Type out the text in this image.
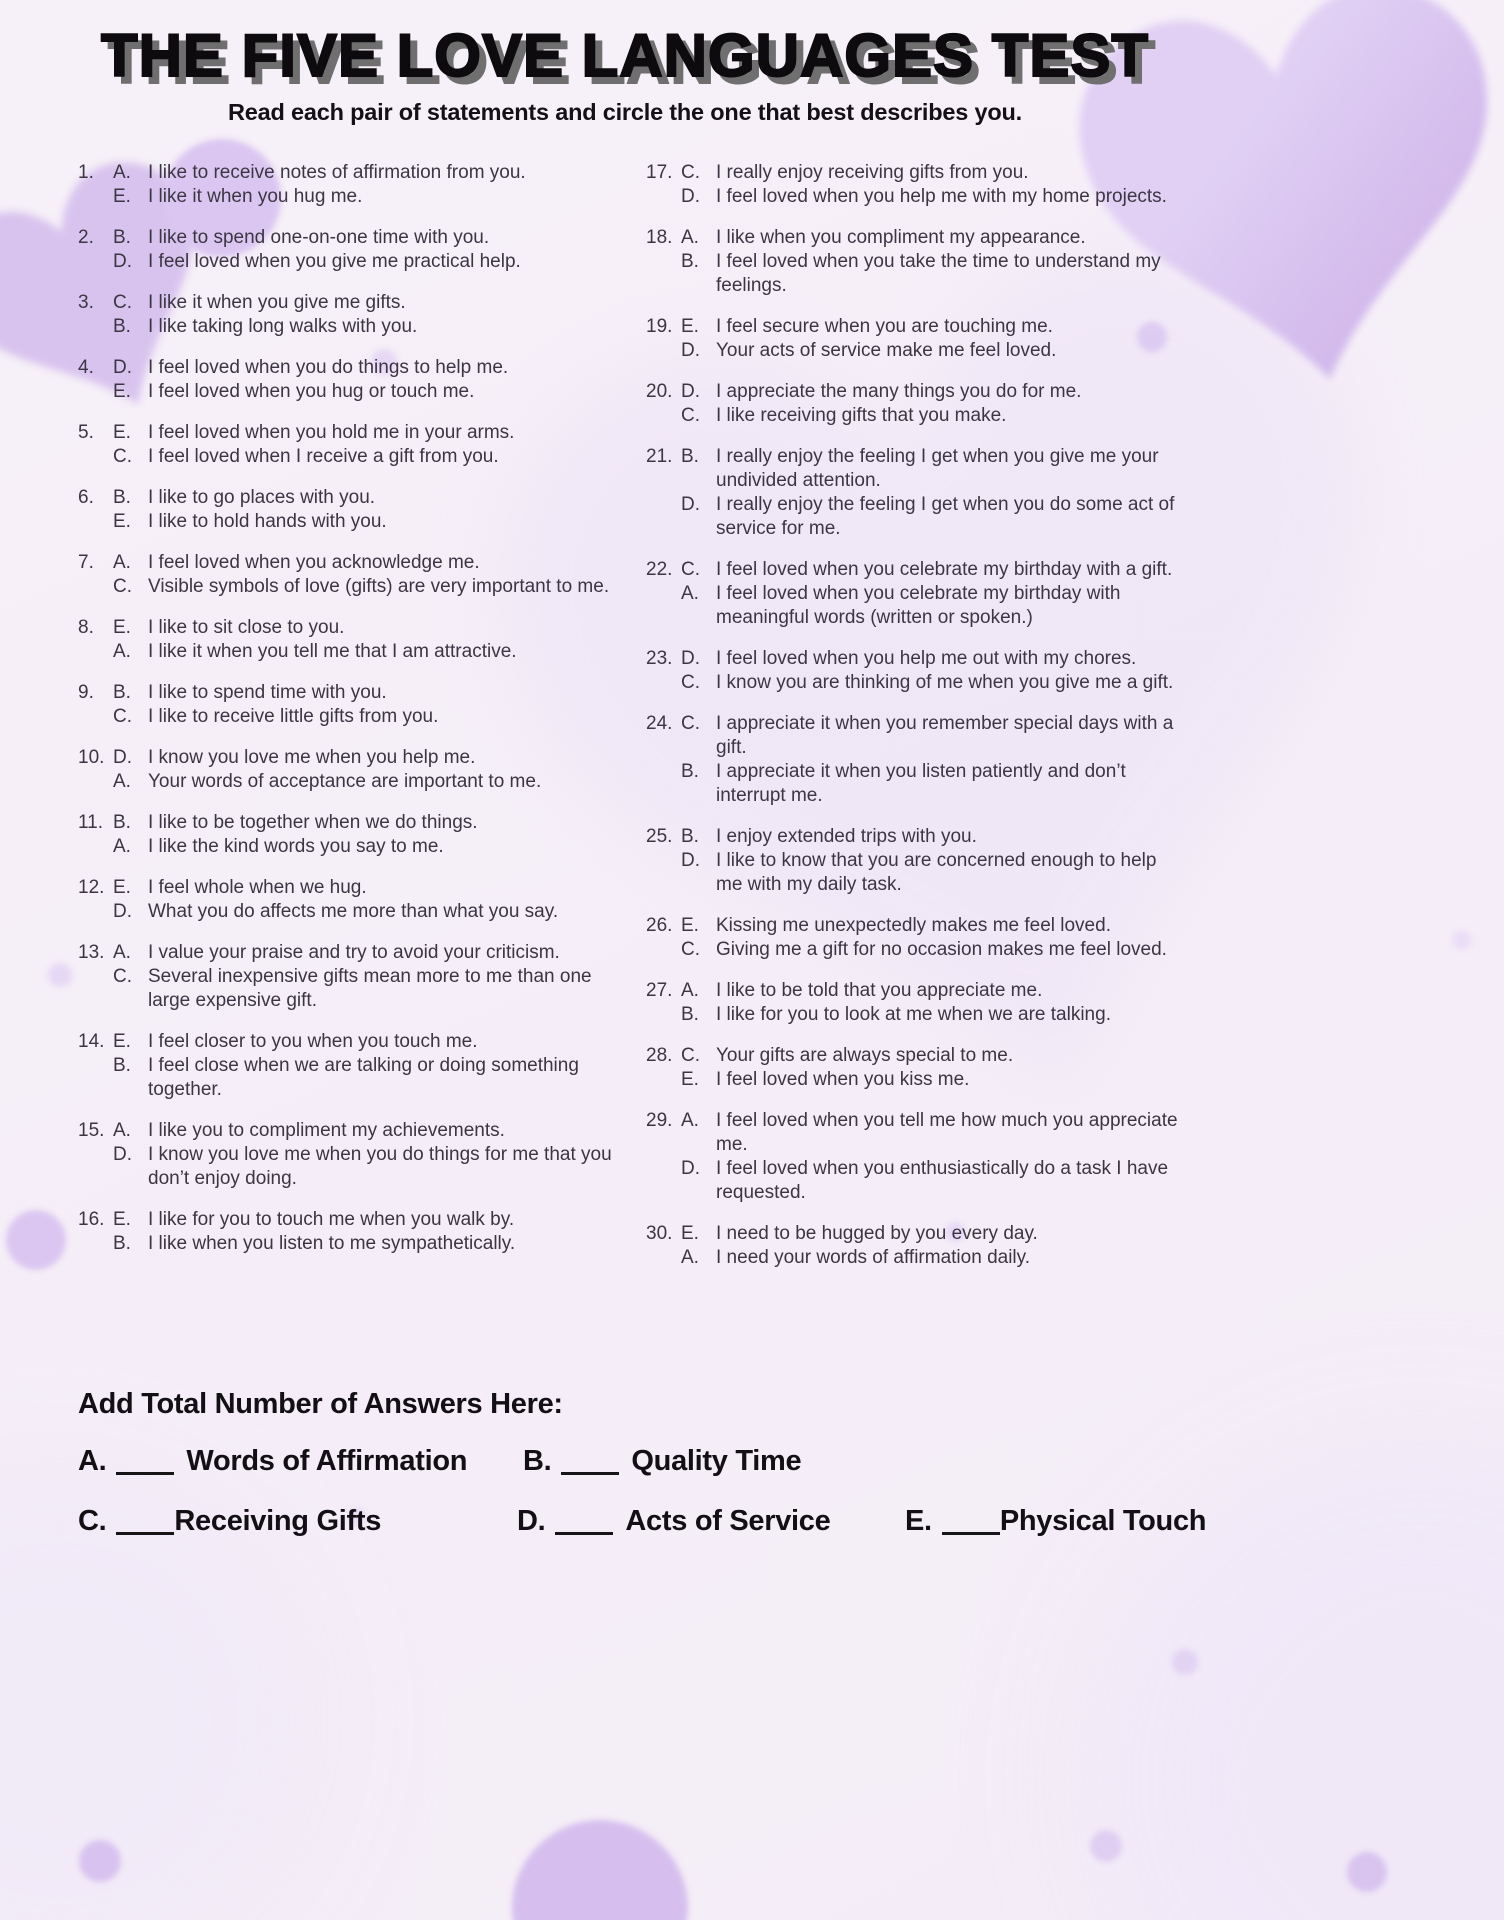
THE FIVE LOVE LANGUAGES TEST THE FIVE LOVE LANGUAGES TEST

Read each pair of statements and circle the one that best describes you.

1.	A. I like to receive notes of affirmation from you.
E. I like it when you hug me.
2.	B. I like to spend one-on-one time with you.
D. I feel loved when you give me practical help.
3.	C. I like it when you give me gifts.
B. I like taking long walks with you.
4.	D. I feel loved when you do things to help me.
E. I feel loved when you hug or touch me.
5.	E. I feel loved when you hold me in your arms.
C. I feel loved when I receive a gift from you.
6.	B. I like to go places with you.
E. I like to hold hands with you.
7.	A. I feel loved when you acknowledge me.
C. Visible symbols of love (gifts) are very important to me.
8.	E. I like to sit close to you.
A. I like it when you tell me that I am attractive.
9.	B. I like to spend time with you.
C. I like to receive little gifts from you.
10. D. I know you love me when you help me.
A. Your words of acceptance are important to me.
11. B. I like to be together when we do things.
A. I like the kind words you say to me.
12. E. I feel whole when we hug.
D. What you do affects me more than what you say.
13. A. I value your praise and try to avoid your criticism.
C. Several inexpensive gifts mean more to me than one large expensive gift.
14. E. I feel closer to you when you touch me.
B. I feel close when we are talking or doing something together.
15. A. I like you to compliment my achievements.
D. I know you love me when you do things for me that you don’t enjoy doing.
16. E. I like for you to touch me when you walk by.
B. I like when you listen to me sympathetically.
17. C. I really enjoy receiving gifts from you.
D. I feel loved when you help me with my home projects.
18. A. I like when you compliment my appearance.
B. I feel loved when you take the time to understand my feelings.
19. E. I feel secure when you are touching me.
D. Your acts of service make me feel loved.
20. D. I appreciate the many things you do for me.
C. I like receiving gifts that you make.
21. B. I really enjoy the feeling I get when you give me your undivided attention.
D. I really enjoy the feeling I get when you do some act of service for me.
22. C. I feel loved when you celebrate my birthday with a gift.
A. I feel loved when you celebrate my birthday with meaningful words (written or spoken.)
23. D. I feel loved when you help me out with my chores.
C. I know you are thinking of me when you give me a gift.
24. C. I appreciate it when you remember special days with a gift.
B. I appreciate it when you listen patiently and don’t interrupt me.
25. B. I enjoy extended trips with you.
D. I like to know that you are concerned enough to help me with my daily task.
26. E. Kissing me unexpectedly makes me feel loved.
C. Giving me a gift for no occasion makes me feel loved.
27. A. I like to be told that you appreciate me.
B. I like for you to look at me when we are talking.
28. C. Your gifts are always special to me.
E. I feel loved when you kiss me.
29. A. I feel loved when you tell me how much you appreciate me.
D. I feel loved when you enthusiastically do a task I have requested.
30. E. I need to be hugged by you every day.
A. I need your words of affirmation daily.
Add Total Number of Answers Here:
A.	Words of Affirmation	B.	Quality Time
C. Receiving Gifts	D.	Acts of Service	E. Physical Touch
